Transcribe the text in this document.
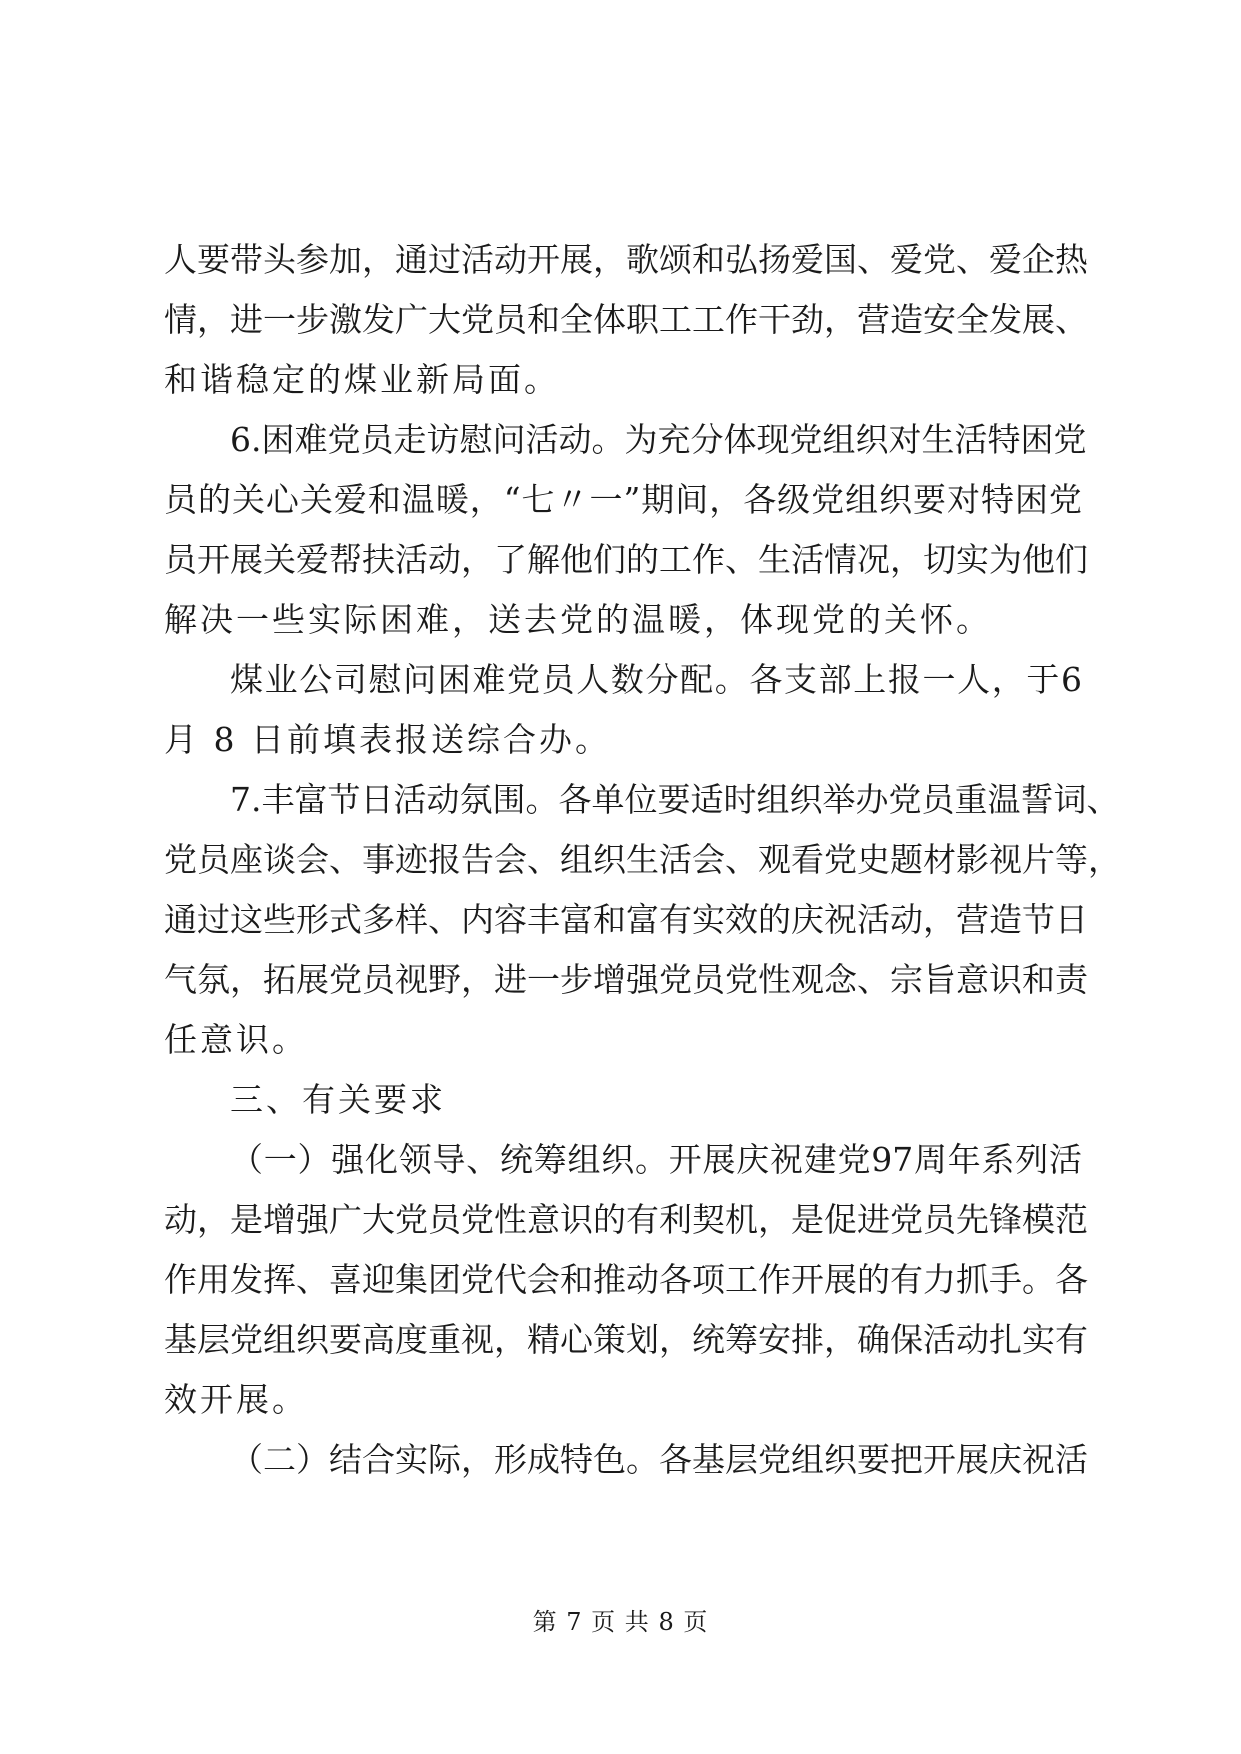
人 要 带 头 参 加 ， 通 过 活 动 开 展 ， 歌 颂 和 弘 扬 爱 国 、 爱 党 、 爱 企 热
情 ， 进 一 步 激 发 广 大 党 员 和 全 体 职 工 工 作 干 劲 ， 营 造 安 全 发 展 、
和谐稳定的煤业新局面。
6. 困 难 党 员 走 访 慰 问 活 动 。 为 充 分 体 现 党 组 织 对 生 活 特 困 党
员 的 关 心 关 爱 和 温 暖 ， “ 七 〃 一 ” 期 间 ， 各 级 党 组 织 要 对 特 困 党
员 开 展 关 爱 帮 扶 活 动 ， 了 解 他 们 的 工 作 、 生 活 情 况 ， 切 实 为 他 们
解决一些实际困难，送去党的温暖，体现党的关怀。
煤 业 公 司 慰 问 困 难 党 员 人 数 分 配 。 各 支 部 上 报 一 人 ， 于 6
月 8 日前填表报送综合办。
7. 丰 富 节 日 活 动 氛 围 。 各 单 位 要 适 时 组 织 举 办 党 员 重 温 誓 词 、
党 员 座 谈 会 、 事 迹 报 告 会 、 组 织 生 活 会 、 观 看 党 史 题 材 影 视 片 等 ，
通 过 这 些 形 式 多 样 、 内 容 丰 富 和 富 有 实 效 的 庆 祝 活 动 ， 营 造 节 日
气 氛 ， 拓 展 党 员 视 野 ， 进 一 步 增 强 党 员 党 性 观 念 、 宗 旨 意 识 和 责
任意识。
三、有关要求
（ 一 ） 强 化 领 导 、 统 筹 组 织 。 开 展 庆 祝 建 党 97 周 年 系 列 活
动 ， 是 增 强 广 大 党 员 党 性 意 识 的 有 利 契 机 ， 是 促 进 党 员 先 锋 模 范
作 用 发 挥 、 喜 迎 集 团 党 代 会 和 推 动 各 项 工 作 开 展 的 有 力 抓 手 。 各
基 层 党 组 织 要 高 度 重 视 ， 精 心 策 划 ， 统 筹 安 排 ， 确 保 活 动 扎 实 有
效开展。
（ 二 ） 结 合 实 际 ， 形 成 特 色 。 各 基 层 党 组 织 要 把 开 展 庆 祝 活
第 7 页 共 8 页
